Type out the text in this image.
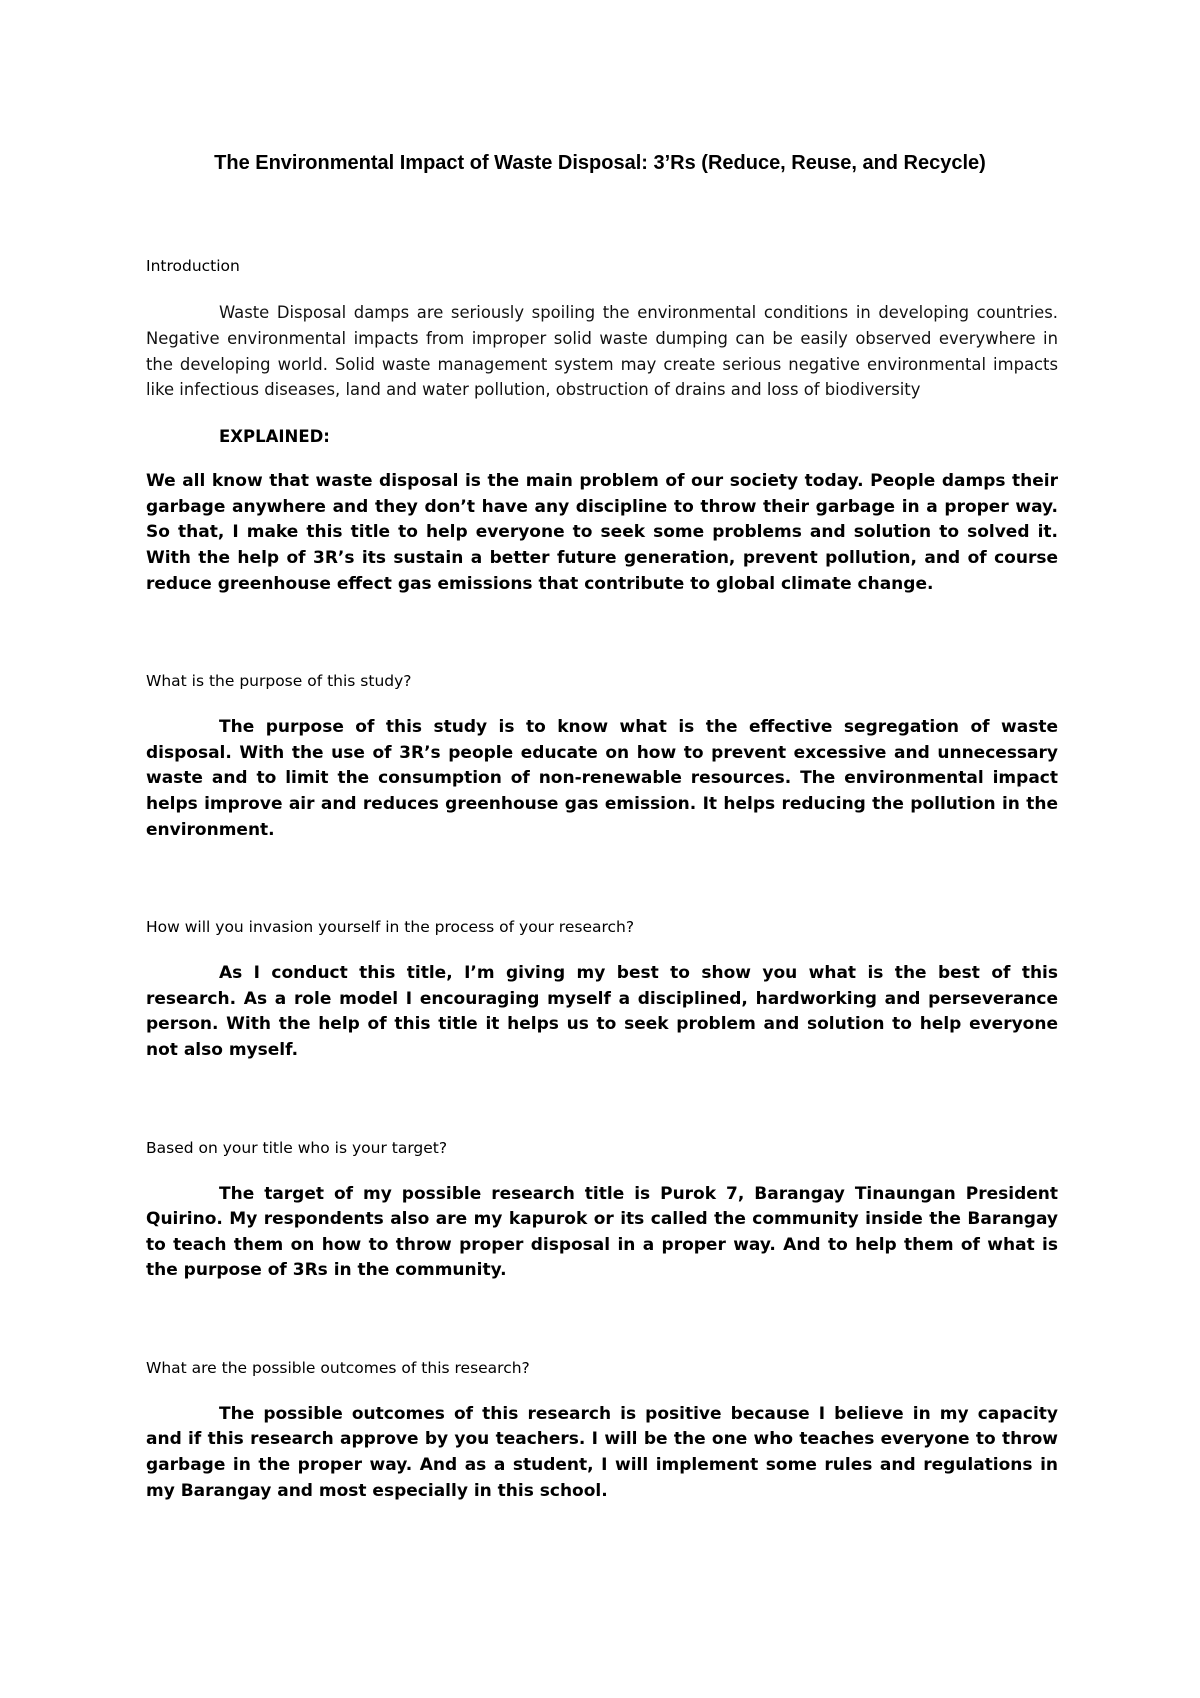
The Environmental Impact of Waste Disposal: 3’Rs (Reduce, Reuse, and Recycle)

Introduction

Waste Disposal damps are seriously spoiling the environmental conditions in developing countries. Negative environmental impacts from improper solid waste dumping can be easily observed everywhere in the developing world. Solid waste management system may create serious negative environmental impacts like infectious diseases, land and water pollution, obstruction of drains and loss of biodiversity

EXPLAINED:

We all know that waste disposal is the main problem of our society today. People damps their garbage anywhere and they don’t have any discipline to throw their garbage in a proper way. So that, I make this title to help everyone to seek some problems and solution to solved it. With the help of 3R’s its sustain a better future generation, prevent pollution, and of course reduce greenhouse effect gas emissions that contribute to global climate change.

What is the purpose of this study?

The purpose of this study is to know what is the effective segregation of waste disposal. With the use of 3R’s people educate on how to prevent excessive and unnecessary waste and to limit the consumption of non-renewable resources. The environmental impact helps improve air and reduces greenhouse gas emission. It helps reducing the pollution in the environment.

How will you invasion yourself in the process of your research?

As I conduct this title, I’m giving my best to show you what is the best of this research. As a role model I encouraging myself a disciplined, hardworking and perseverance person. With the help of this title it helps us to seek problem and solution to help everyone not also myself.

Based on your title who is your target?

The target of my possible research title is Purok 7, Barangay Tinaungan President Quirino. My respondents also are my kapurok or its called the community inside the Barangay to teach them on how to throw proper disposal in a proper way. And to help them of what is the purpose of 3Rs in the community.

What are the possible outcomes of this research?

The possible outcomes of this research is positive because I believe in my capacity and if this research approve by you teachers. I will be the one who teaches everyone to throw garbage in the proper way. And as a student, I will implement some rules and regulations in my Barangay and most especially in this school.
